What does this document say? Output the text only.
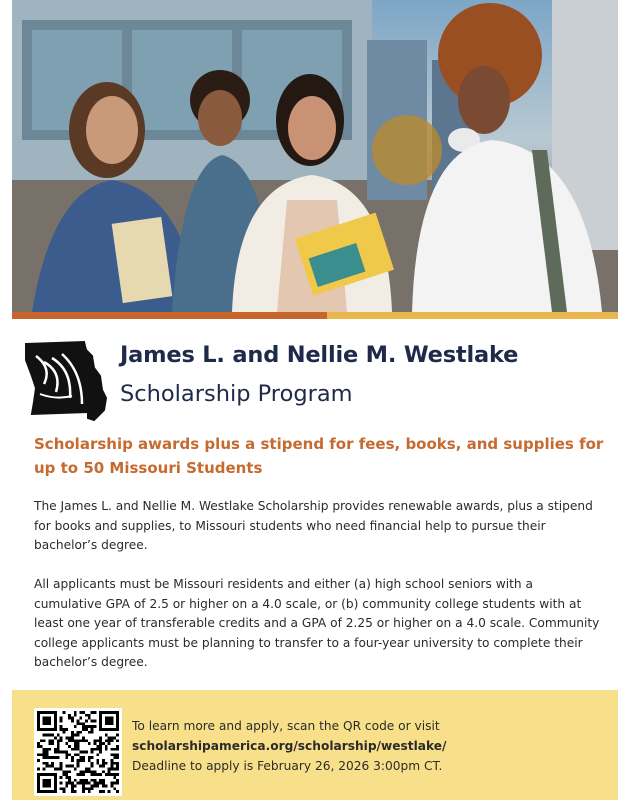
James L. and Nellie M. Westlake
Scholarship Program
Scholarship awards plus a stipend for fees, books, and supplies for up to 50 Missouri Students

The James L. and Nellie M. Westlake Scholarship provides renewable awards, plus a stipend for books and supplies, to Missouri students who need financial help to pursue their bachelor’s degree.

All applicants must be Missouri residents and either (a) high school seniors with a cumulative GPA of 2.5 or higher on a 4.0 scale, or (b) community college students with at least one year of transferable credits and a GPA of 2.25 or higher on a 4.0 scale. Community college applicants must be planning to transfer to a four-year university to complete their bachelor’s degree.

To learn more and apply, scan the QR code or visit
scholarshipamerica.org/scholarship/westlake/
Deadline to apply is February 26, 2026 3:00pm CT.
